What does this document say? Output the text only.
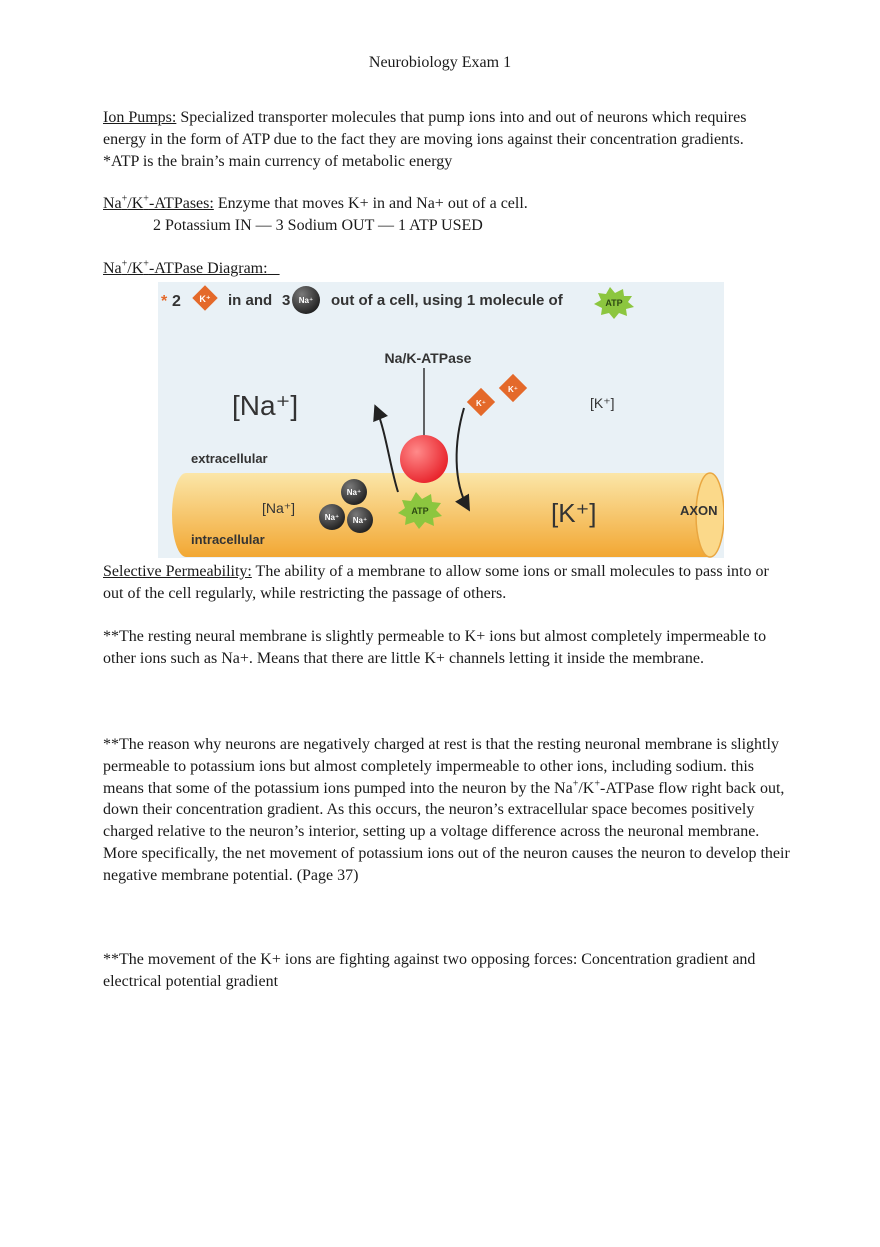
Neurobiology Exam 1

Ion Pumps: Specialized transporter molecules that pump ions into and out of neurons which requires energy in the form of ATP due to the fact they are moving ions against their concentration gradients. *ATP is the brain’s main currency of metabolic energy

Na+/K+-ATPases: Enzyme that moves K+ in and Na+ out of a cell.
2 Potassium IN — 3 Sodium OUT — 1 ATP USED

Na+/K+-ATPase Diagram:

* 2 K⁺ in and 3 Na⁺ out of a cell, using 1 molecule of	ATP
Na/K-ATPase
[Na⁺]	[K⁺]
K⁺
K⁺
extracellular
intracellular
[Na⁺]	[K⁺]	AXON
Na⁺
Na⁺ Na⁺
ATP

Selective Permeability: The ability of a membrane to allow some ions or small molecules to pass into or out of the cell regularly, while restricting the passage of others.

**The resting neural membrane is slightly permeable to K+ ions but almost completely impermeable to other ions such as Na+. Means that there are little K+ channels letting it inside the membrane.

**The reason why neurons are negatively charged at rest is that the resting neuronal membrane is slightly permeable to potassium ions but almost completely impermeable to other ions, including sodium. this means that some of the potassium ions pumped into the neuron by the Na+/K+-ATPase flow right back out, down their concentration gradient. As this occurs, the neuron’s extracellular space becomes positively charged relative to the neuron’s interior, setting up a voltage difference across the neuronal membrane. More specifically, the net movement of potassium ions out of the neuron causes the neuron to develop their negative membrane potential. (Page 37)

**The movement of the K+ ions are fighting against two opposing forces: Concentration gradient and electrical potential gradient
